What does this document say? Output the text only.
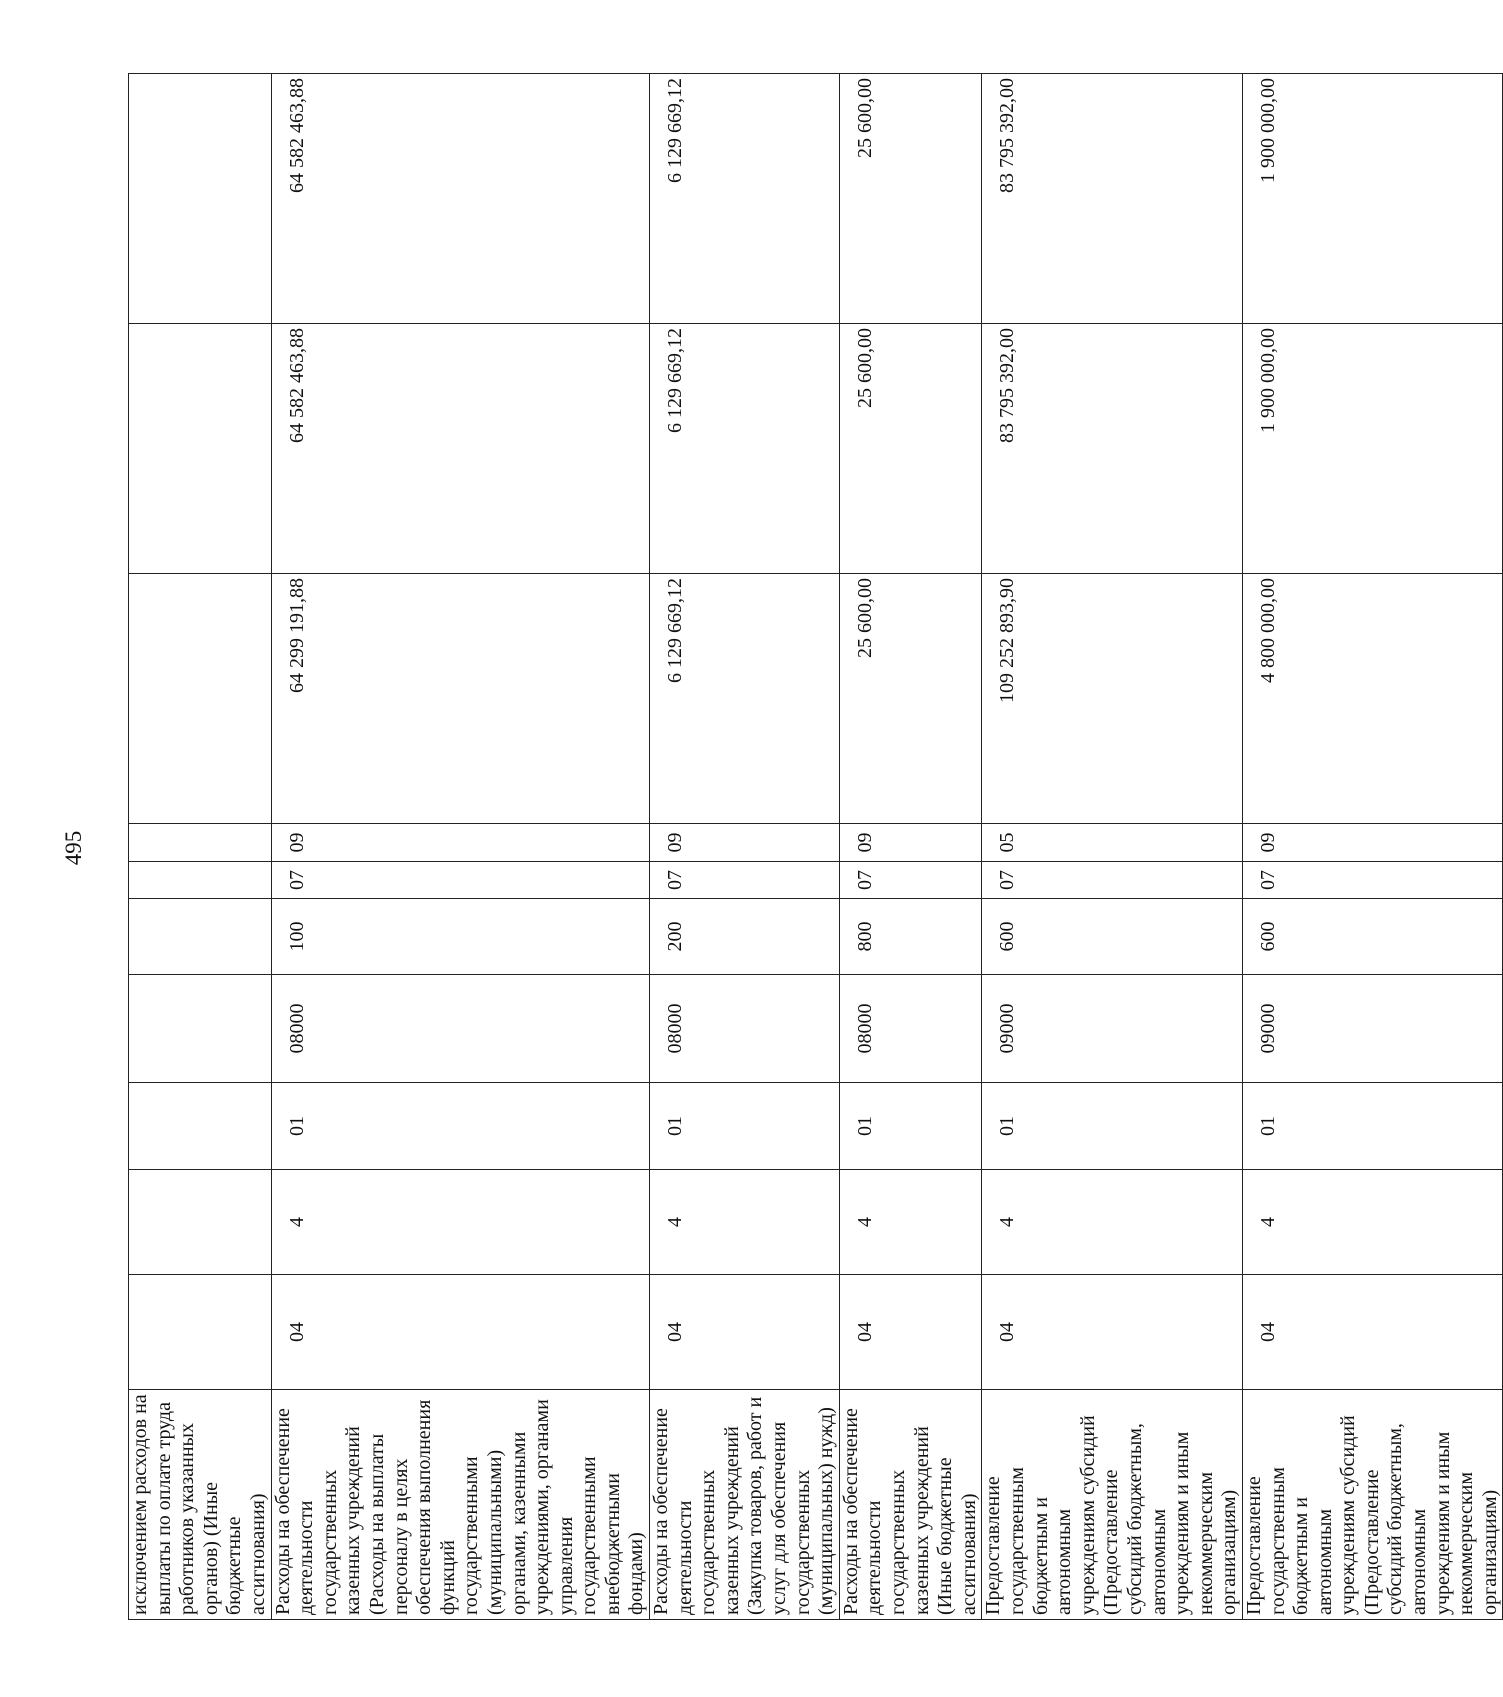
495
исключением расходов на выплаты по оплате труда работников указанных органов) (Иные бюджетные ассигнования)										
Расходы на обеспечение деятельности государственных казенных учреждений (Расходы на выплаты персоналу в целях обеспечения выполнения функций государственными (муниципальными) органами, казенными учреждениями, органами управления государственными внебюджетными фондами)	04	4	01	08000	100	07	09	64 299 191,88	64 582 463,88	64 582 463,88
Расходы на обеспечение деятельности государственных казенных учреждений (Закупка товаров, работ и услуг для обеспечения государственных (муниципальных) нужд)	04	4	01	08000	200	07	09	6 129 669,12	6 129 669,12	6 129 669,12
Расходы на обеспечение деятельности государственных казенных учреждений (Иные бюджетные ассигнования)	04	4	01	08000	800	07	09	25 600,00	25 600,00	25 600,00
Предоставление государственным бюджетным и автономным учреждениям субсидий (Предоставление субсидий бюджетным, автономным учреждениям и иным некоммерческим организациям)	04	4	01	09000	600	07	05	109 252 893,90	83 795 392,00	83 795 392,00
Предоставление государственным бюджетным и автономным учреждениям субсидий (Предоставление субсидий бюджетным, автономным учреждениям и иным некоммерческим организациям)	04	4	01	09000	600	07	09	4 800 000,00	1 900 000,00	1 900 000,00
